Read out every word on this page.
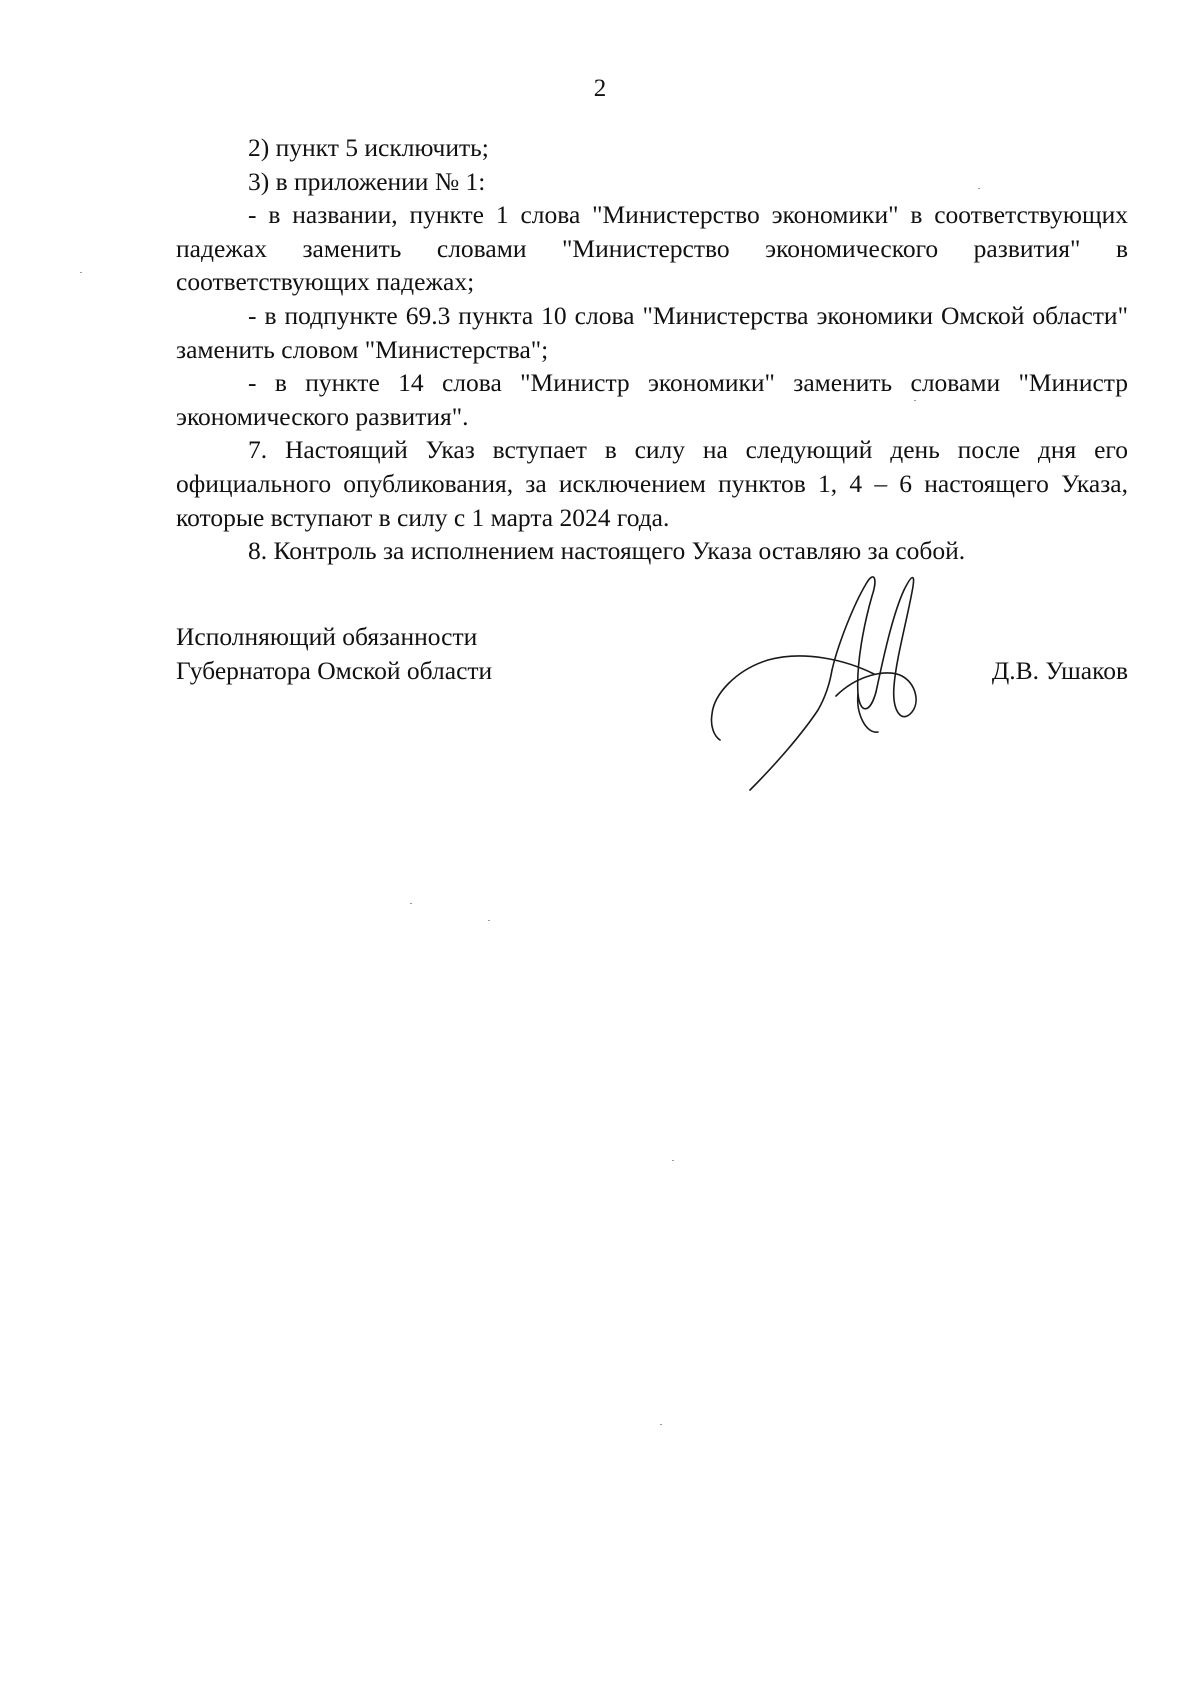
2

2) пункт 5 исключить;

3) в приложении № 1:

- в названии, пункте 1 слова "Министерство экономики" в соответствующих падежах заменить словами "Министерство экономического развития" в соответствующих падежах;

- в подпункте 69.3 пункта 10 слова "Министерства экономики Омской области" заменить словом "Министерства";

- в пункте 14 слова "Министр экономики" заменить словами "Министр экономического развития".

7. Настоящий Указ вступает в силу на следующий день после дня его официального опубликования, за исключением пунктов 1, 4 – 6 настоящего Указа, которые вступают в силу с 1 марта 2024 года.

8. Контроль за исполнением настоящего Указа оставляю за собой.

Исполняющий обязанности
Губернатора Омской области	Д.В. Ушаков
